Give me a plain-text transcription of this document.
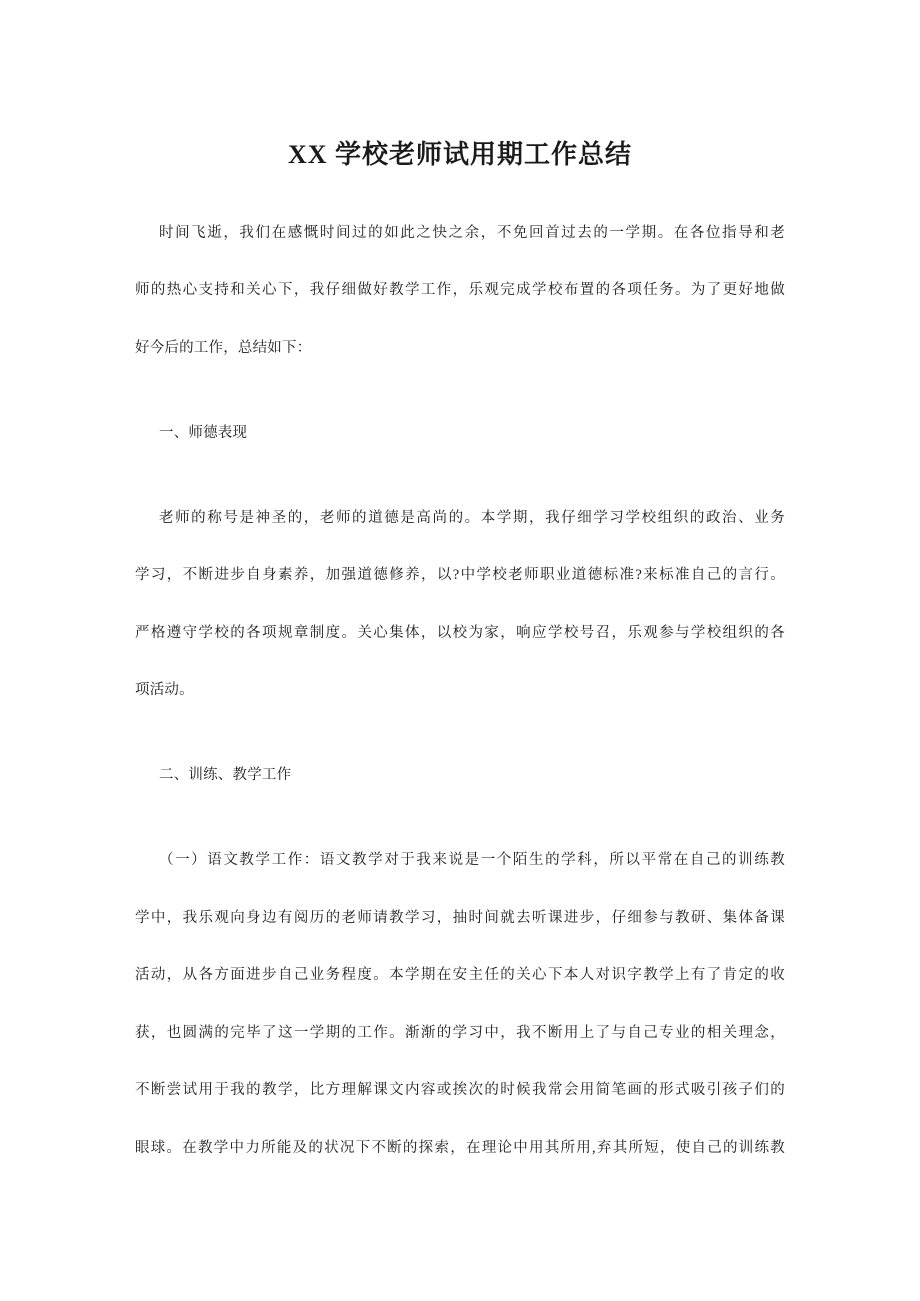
XX 学校老师试用期工作总结
时间飞逝，我们在感慨时间过的如此之快之余，不免回首过去的一学期。在各位指导和老
师的热心支持和关心下，我仔细做好教学工作，乐观完成学校布置的各项任务。为了更好地做
好今后的工作，总结如下：
一、师德表现
老师的称号是神圣的，老师的道德是高尚的。本学期，我仔细学习学校组织的政治、业务
学习，不断进步自身素养，加强道德修养，以?中学校老师职业道德标准?来标准自己的言行。
严格遵守学校的各项规章制度。关心集体，以校为家，响应学校号召，乐观参与学校组织的各
项活动。
二、训练、教学工作
（一）语文教学工作：语文教学对于我来说是一个陌生的学科，所以平常在自己的训练教
学中，我乐观向身边有阅历的老师请教学习，抽时间就去听课进步，仔细参与教研、集体备课
活动，从各方面进步自己业务程度。本学期在安主任的关心下本人对识字教学上有了肯定的收
获，也圆满的完毕了这一学期的工作。渐渐的学习中，我不断用上了与自己专业的相关理念，
不断尝试用于我的教学，比方理解课文内容或挨次的时候我常会用简笔画的形式吸引孩子们的
眼球。在教学中力所能及的状况下不断的探索，在理论中用其所用,弃其所短，使自己的训练教
